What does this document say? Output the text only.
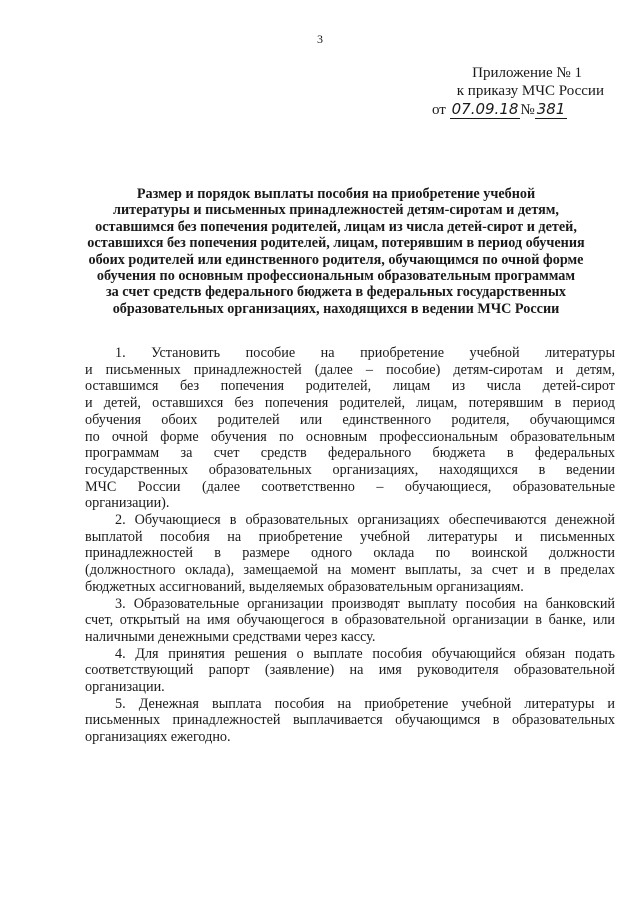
3
Приложение № 1
к приказу МЧС России
от 07.09.18 № 381
Размер и порядок выплаты пособия на приобретение учебной
литературы и письменных принадлежностей детям-сиротам и детям,
оставшимся без попечения родителей, лицам из числа детей-сирот и детей,
оставшихся без попечения родителей, лицам, потерявшим в период обучения
обоих родителей или единственного родителя, обучающимся по очной форме
обучения по основным профессиональным образовательным программам
за счет средств федерального бюджета в федеральных государственных
образовательных организациях, находящихся в ведении МЧС России
1. Установить пособие на приобретение учебной литературы
и письменных принадлежностей (далее – пособие) детям-сиротам и детям,
оставшимся без попечения родителей, лицам из числа детей-сирот
и детей, оставшихся без попечения родителей, лицам, потерявшим в период
обучения обоих родителей или единственного родителя, обучающимся
по очной форме обучения по основным профессиональным образовательным
программам за счет средств федерального бюджета в федеральных
государственных образовательных организациях, находящихся в ведении
МЧС России (далее соответственно – обучающиеся, образовательные
организации).
2. Обучающиеся в образовательных организациях обеспечиваются денежной
выплатой пособия на приобретение учебной литературы и письменных
принадлежностей в размере одного оклада по воинской должности
(должностного оклада), замещаемой на момент выплаты, за счет и в пределах
бюджетных ассигнований, выделяемых образовательным организациям.
3. Образовательные организации производят выплату пособия на банковский
счет, открытый на имя обучающегося в образовательной организации в банке, или
наличными денежными средствами через кассу.
4. Для принятия решения о выплате пособия обучающийся обязан подать
соответствующий рапорт (заявление) на имя руководителя образовательной
организации.
5. Денежная выплата пособия на приобретение учебной литературы и
письменных принадлежностей выплачивается обучающимся в образовательных
организациях ежегодно.
